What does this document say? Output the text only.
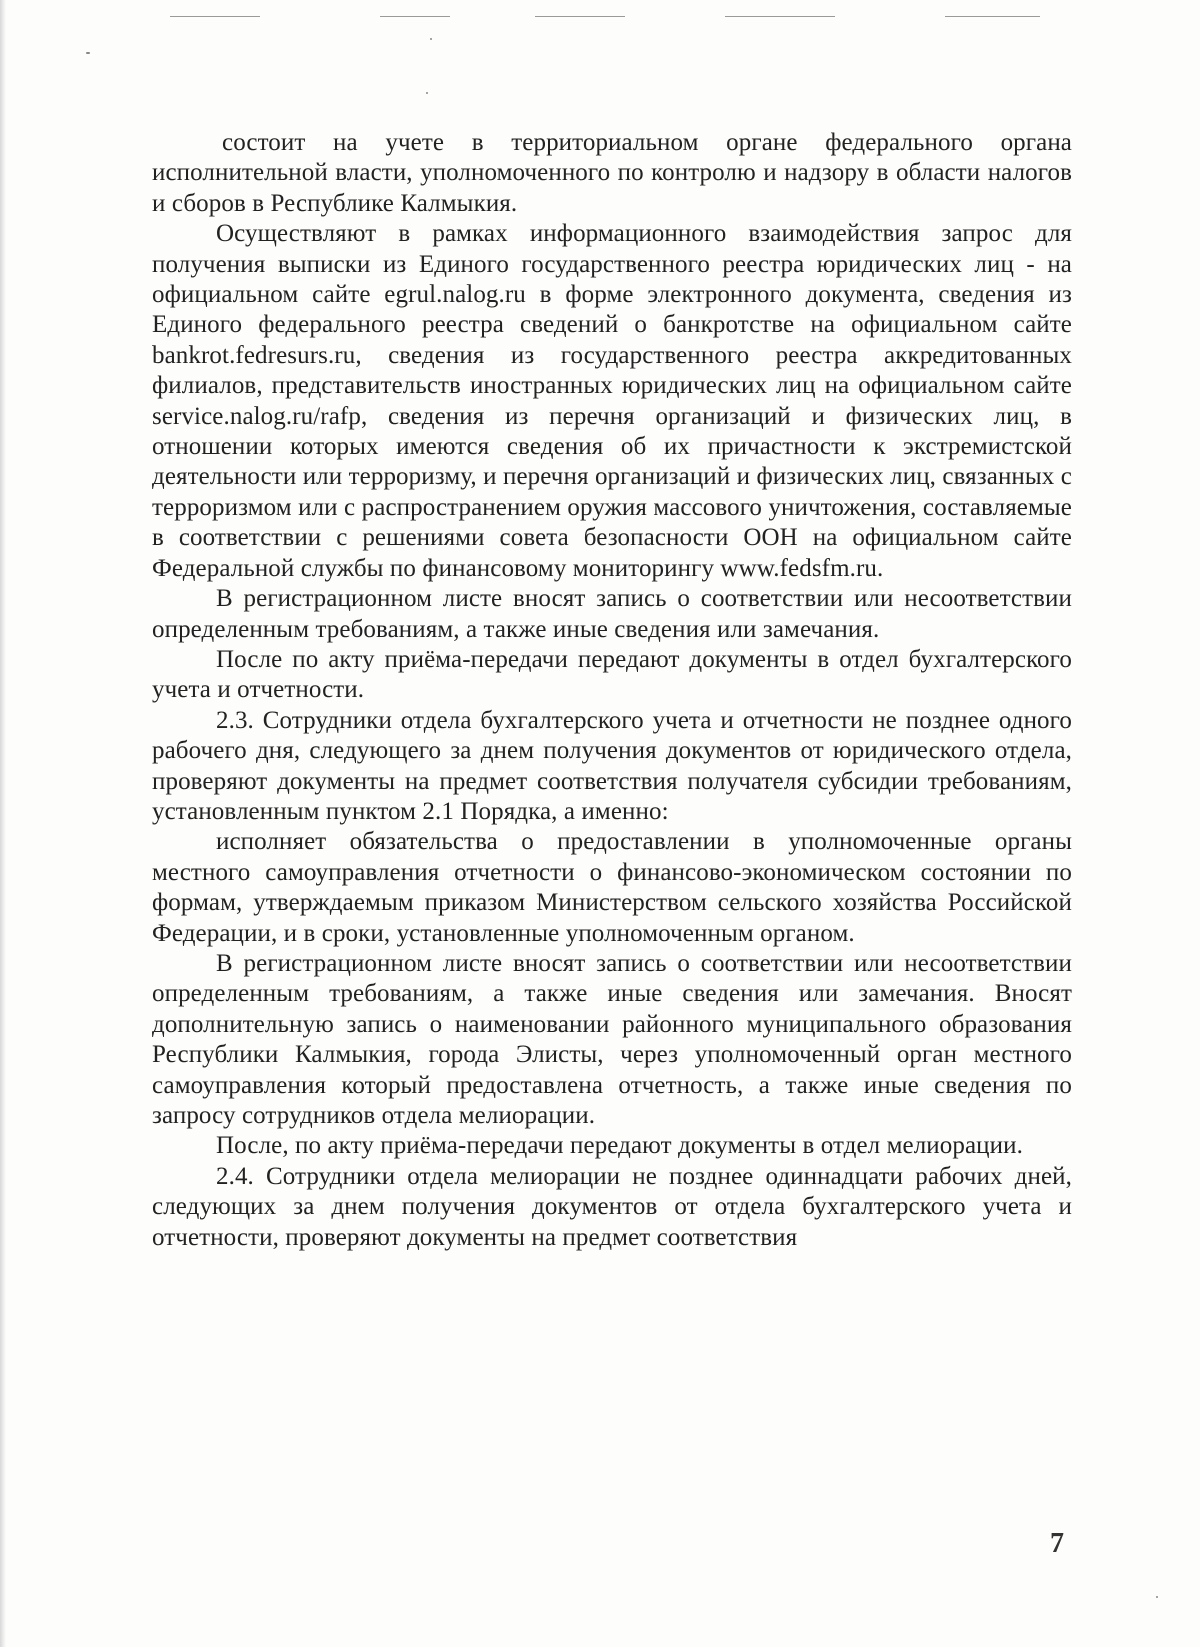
состоит на учете в территориальном органе федерального органа исполнительной власти, уполномоченного по контролю и надзору в области налогов и сборов в Республике Калмыкия.

Осуществляют в рамках информационного взаимодействия запрос для получения выписки из Единого государственного реестра юридических лиц - на официальном сайте egrul.nalog.ru в форме электронного документа, сведения из Единого федерального реестра сведений о банкротстве на официальном сайте bankrot.fedresurs.ru, сведения из государственного реестра аккредитованных филиалов, представительств иностранных юридических лиц на официальном сайте service.nalog.ru/rafp, сведения из перечня организаций и физических лиц, в отношении которых имеются сведения об их причастности к экстремистской деятельности или терроризму, и перечня организаций и физических лиц, связанных с терроризмом или с распространением оружия массового уничтожения, составляемые в соответствии с решениями совета безопасности ООН на официальном сайте Федеральной службы по финансовому мониторингу www.fedsfm.ru.

В регистрационном листе вносят запись о соответствии или несоответствии определенным требованиям, а также иные сведения или замечания.

После по акту приёма-передачи передают документы в отдел бухгалтерского учета и отчетности.

2.3. Сотрудники отдела бухгалтерского учета и отчетности не позднее одного рабочего дня, следующего за днем получения документов от юридического отдела, проверяют документы на предмет соответствия получателя субсидии требованиям, установленным пунктом 2.1 Порядка, а именно:

исполняет обязательства о предоставлении в уполномоченные органы местного самоуправления отчетности о финансово-экономическом состоянии по формам, утверждаемым приказом Министерством сельского хозяйства Российской Федерации, и в сроки, установленные уполномоченным органом.

В регистрационном листе вносят запись о соответствии или несоответствии определенным требованиям, а также иные сведения или замечания. Вносят дополнительную запись о наименовании районного муниципального образования Республики Калмыкия, города Элисты, через уполномоченный орган местного самоуправления который предоставлена отчетность, а также иные сведения по запросу сотрудников отдела мелиорации.

После, по акту приёма-передачи передают документы в отдел мелиорации.

2.4. Сотрудники отдела мелиорации не позднее одиннадцати рабочих дней, следующих за днем получения документов от отдела бухгалтерского учета и отчетности, проверяют документы на предмет соответствия

7
